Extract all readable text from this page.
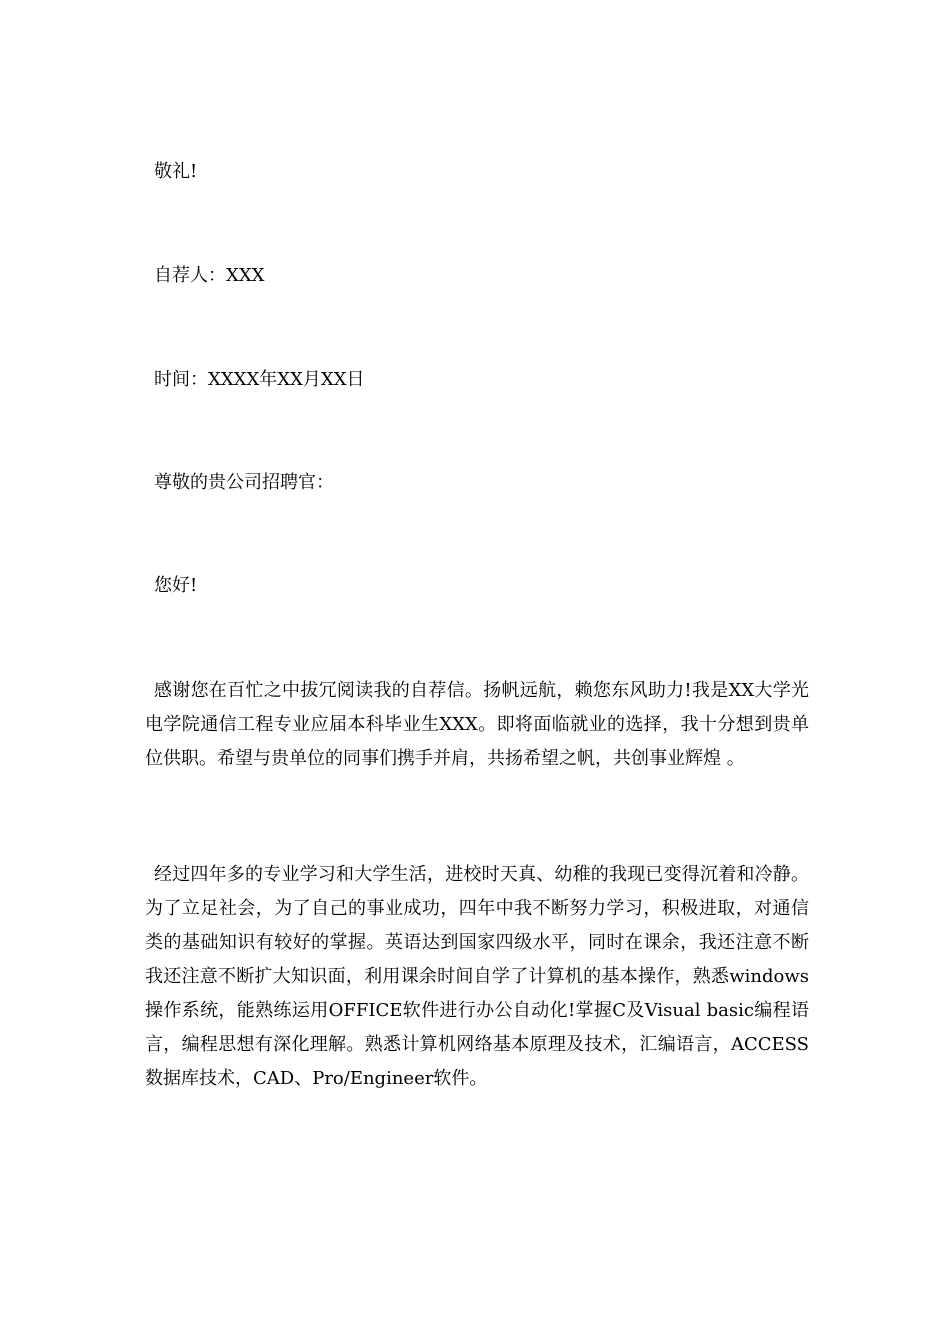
敬礼!
自荐人：XXX
时间：XXXX年XX月XX日
尊敬的贵公司招聘官：
您好!

感谢您在百忙之中拔冗阅读我的自荐信。扬帆远航，赖您东风助力!我是XX大学光电学院通信工程专业应届本科毕业生XXX。即将面临就业的选择，我十分想到贵单位供职。希望与贵单位的同事们携手并肩，共扬希望之帆，共创事业辉煌 。

经过四年多的专业学习和大学生活，进校时天真、幼稚的我现已变得沉着和冷静。为了立足社会，为了自己的事业成功，四年中我不断努力学习，积极进取，对通信类的基础知识有较好的掌握。英语达到国家四级水平，同时在课余，我还注意不断我还注意不断扩大知识面，利用课余时间自学了计算机的基本操作，熟悉windows操作系统，能熟练运用OFFICE软件进行办公自动化!掌握C及Visual basic编程语言，编程思想有深化理解。熟悉计算机网络基本原理及技术，汇编语言，ACCESS数据库技术，CAD、Pro/Engineer软件。
